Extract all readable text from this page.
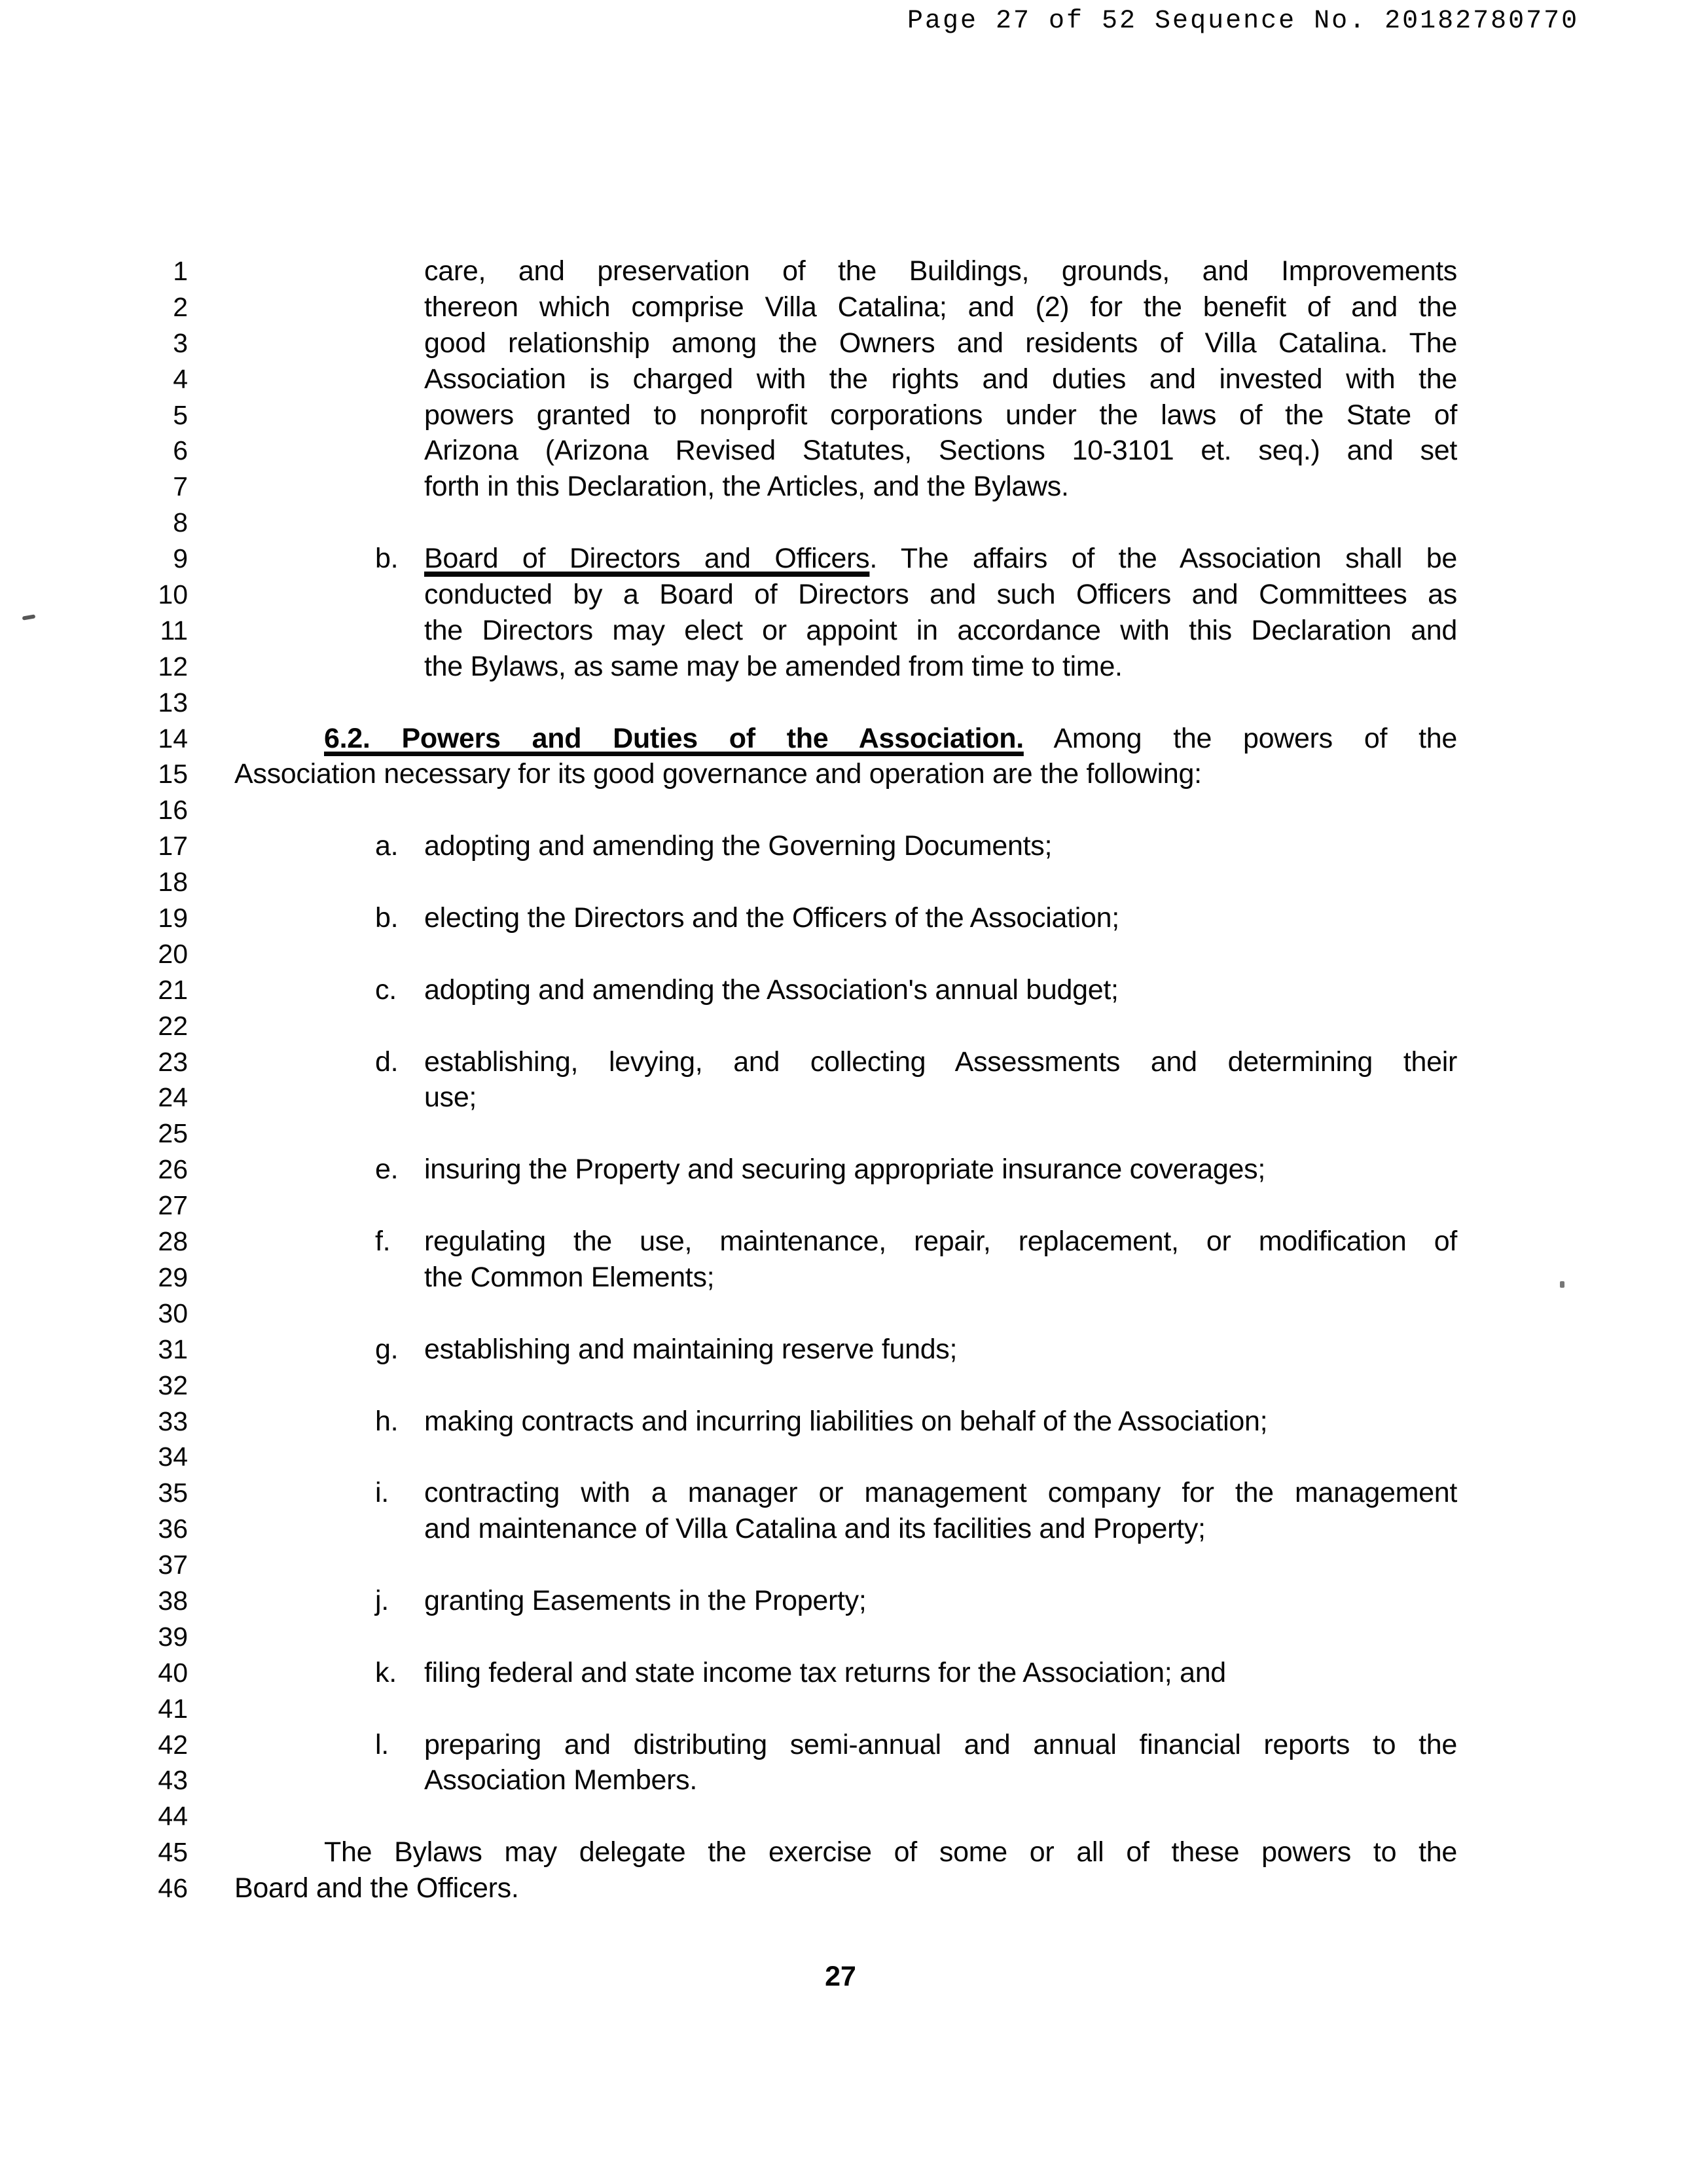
Page 27 of 52 Sequence No. 20182780770
1	care, and preservation of the Buildings, grounds, and Improvements
2	thereon which comprise Villa Catalina; and (2) for the benefit of and the
3	good relationship among the Owners and residents of Villa Catalina. The
4	Association is charged with the rights and duties and invested with the
5	powers granted to nonprofit corporations under the laws of the State of
6	Arizona (Arizona Revised Statutes, Sections 10-3101 et. seq.) and set
7	forth in this Declaration, the Articles, and the Bylaws.
8
9	b. Board of Directors and Officers. The affairs of the Association shall be
10	conducted by a Board of Directors and such Officers and Committees as
11	the Directors may elect or appoint in accordance with this Declaration and
12	the Bylaws, as same may be amended from time to time.
13
14	6.2. Powers and Duties of the Association. Among the powers of the
15	Association necessary for its good governance and operation are the following:
16
17	a. adopting and amending the Governing Documents;
18
19	b. electing the Directors and the Officers of the Association;
20
21	c. adopting and amending the Association's annual budget;
22
23	d. establishing, levying, and collecting Assessments and determining their
24	use;
25
26	e. insuring the Property and securing appropriate insurance coverages;
27
28	f. regulating the use, maintenance, repair, replacement, or modification of
29	the Common Elements;
30
31	g. establishing and maintaining reserve funds;
32
33	h. making contracts and incurring liabilities on behalf of the Association;
34
35	i. contracting with a manager or management company for the management
36	and maintenance of Villa Catalina and its facilities and Property;
37
38	j. granting Easements in the Property;
39
40	k. filing federal and state income tax returns for the Association; and
41
42	l. preparing and distributing semi-annual and annual financial reports to the
43	Association Members.
44
45	The Bylaws may delegate the exercise of some or all of these powers to the
46	Board and the Officers.
27
